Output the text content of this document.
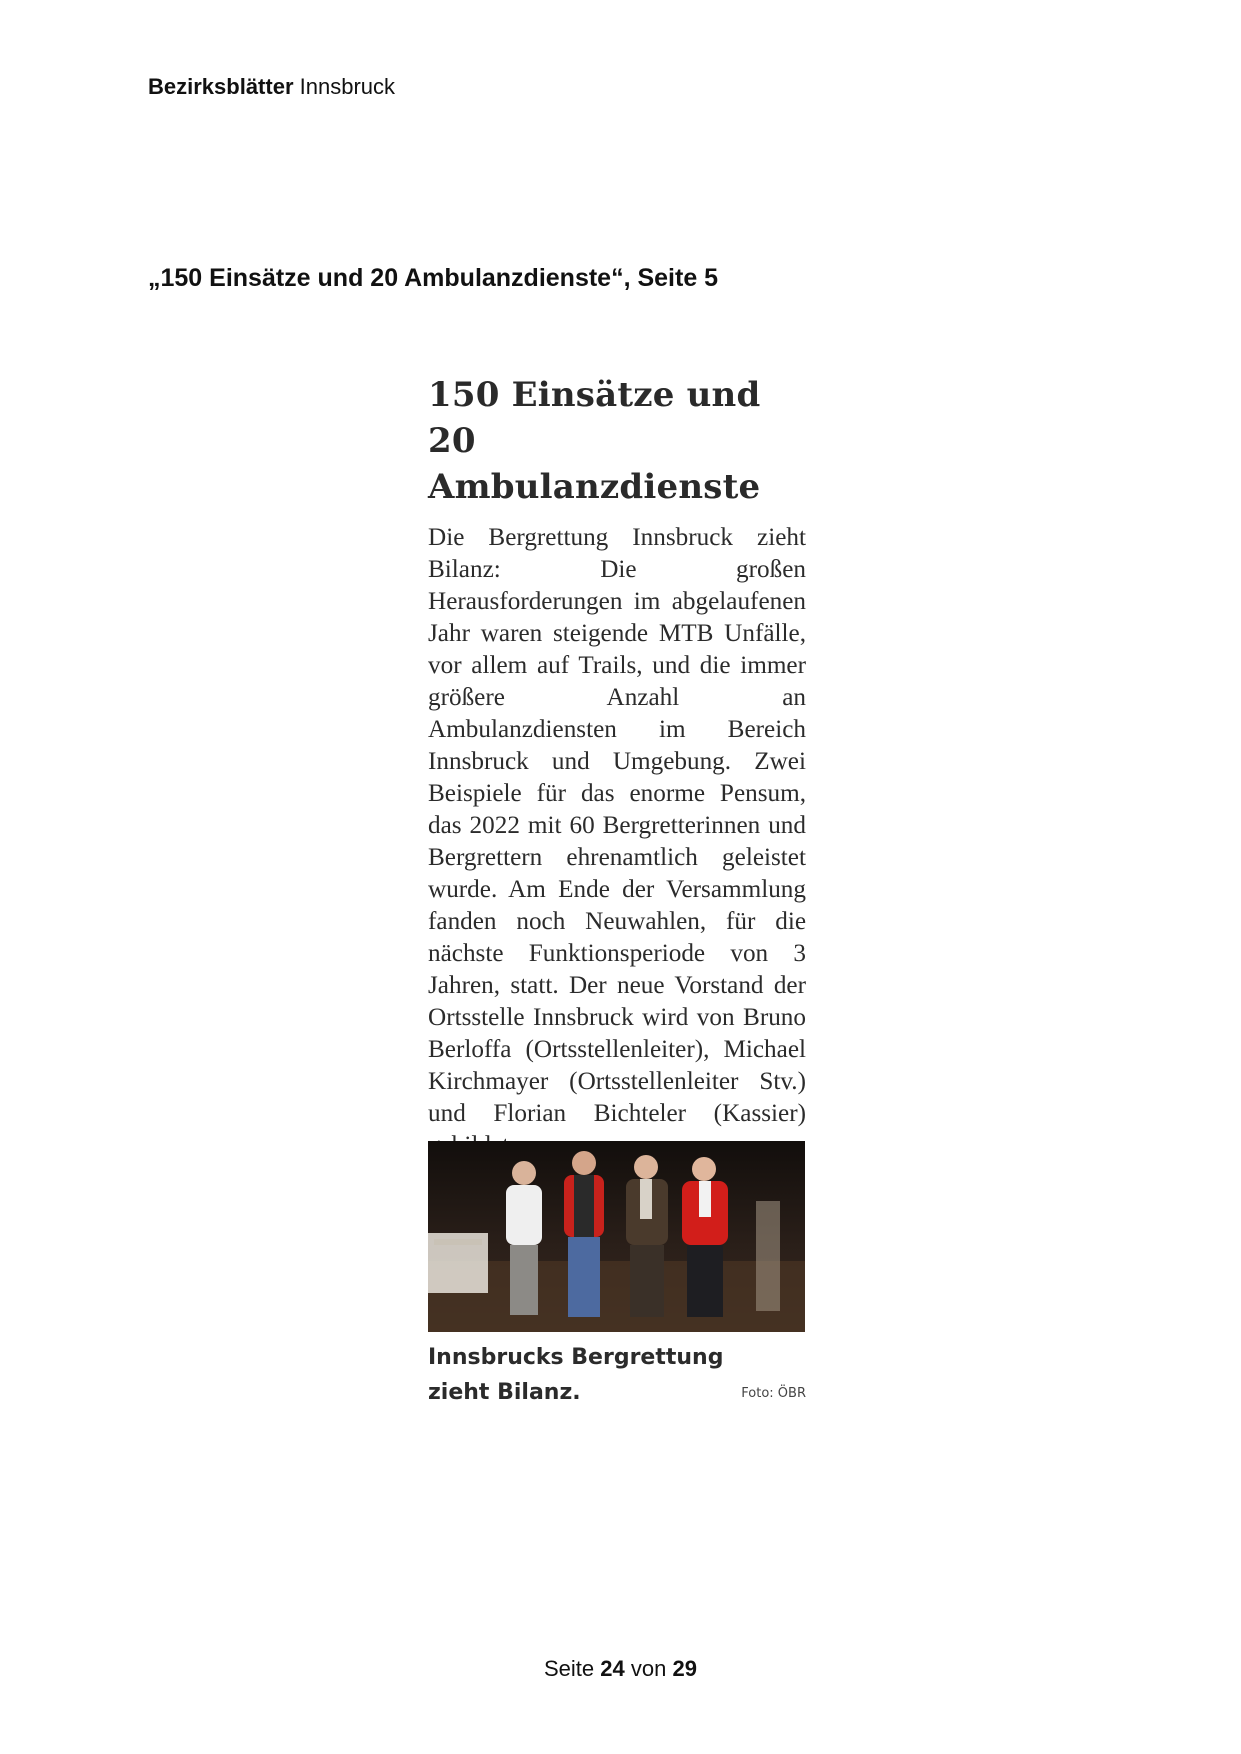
Bezirksblätter Innsbruck
„150 Einsätze und 20 Ambulanzdienste“, Seite 5
150 Einsätze und 20
Ambulanzdienste

Die Bergrettung Innsbruck zieht Bilanz: Die großen Herausforderungen im abgelaufenen Jahr waren steigende MTB Unfälle, vor allem auf Trails, und die immer größere Anzahl an Ambulanzdiensten im Bereich Innsbruck und Umgebung. Zwei Beispiele für das enorme Pensum, das 2022 mit 60 Bergretterinnen und Bergrettern ehrenamtlich geleistet wurde. Am Ende der Versammlung fanden noch Neuwahlen, für die nächste Funktionsperiode von 3 Jahren, statt. Der neue Vorstand der Ortsstelle Innsbruck wird von Bruno Berloffa (Ortsstellenleiter), Michael Kirchmayer (Ortsstellenleiter Stv.) und Florian Bichteler (Kassier)

Innsbrucks Bergrettung zieht Bilanz.	Foto: ÖBR
Seite 24 von 29
